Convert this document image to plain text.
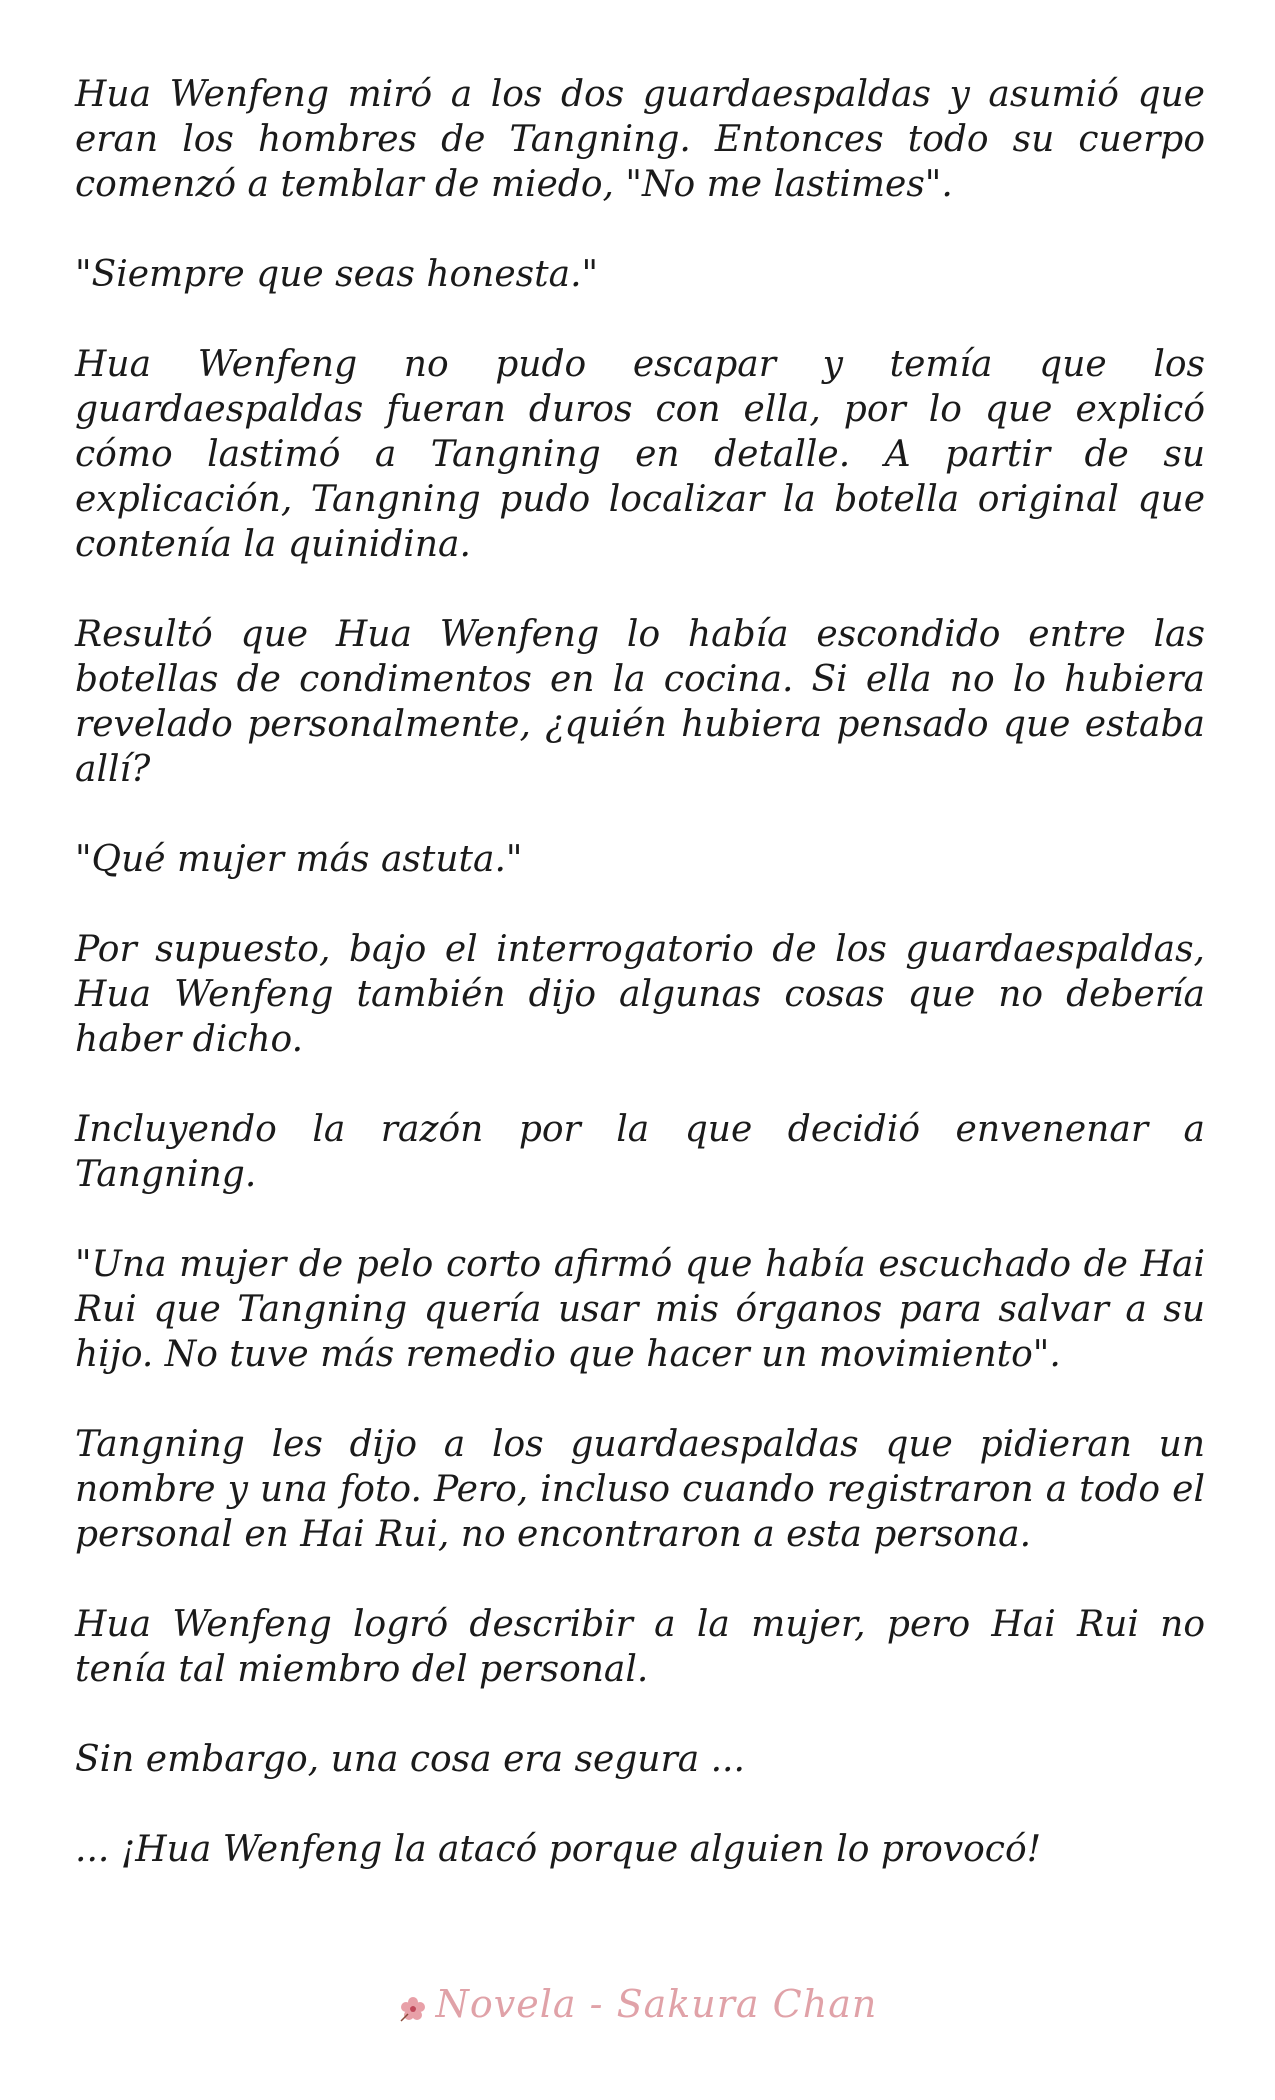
Hua Wenfeng miró a los dos guardaespaldas y asumió que eran los hombres de Tangning. Entonces todo su cuerpo comenzó a temblar de miedo, "No me lastimes".

"Siempre que seas honesta."

Hua Wenfeng no pudo escapar y temía que los guardaespaldas fueran duros con ella, por lo que explicó cómo lastimó a Tangning en detalle. A partir de su explicación, Tangning pudo localizar la botella original que contenía la quinidina.

Resultó que Hua Wenfeng lo había escondido entre las botellas de condimentos en la cocina. Si ella no lo hubiera revelado personalmente, ¿quién hubiera pensado que estaba allí?

"Qué mujer más astuta."

Por supuesto, bajo el interrogatorio de los guardaespaldas, Hua Wenfeng también dijo algunas cosas que no debería haber dicho.

Incluyendo la razón por la que decidió envenenar a Tangning.

"Una mujer de pelo corto afirmó que había escuchado de Hai Rui que Tangning quería usar mis órganos para salvar a su hijo. No tuve más remedio que hacer un movimiento".

Tangning les dijo a los guardaespaldas que pidieran un nombre y una foto. Pero, incluso cuando registraron a todo el personal en Hai Rui, no encontraron a esta persona.

Hua Wenfeng logró describir a la mujer, pero Hai Rui no tenía tal miembro del personal.

Sin embargo, una cosa era segura ...

... ¡Hua Wenfeng la atacó porque alguien lo provocó!

Novela - Sakura Chan
